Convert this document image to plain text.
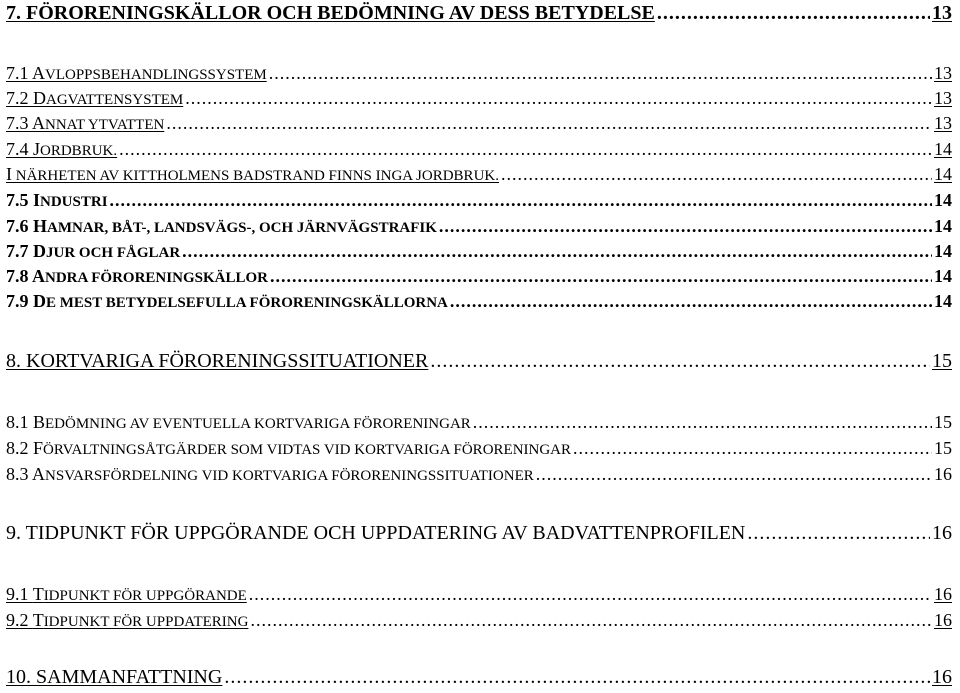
7. FÖRORENINGSKÄLLOR OCH BEDÖMNING AV DESS BETYDELSE .....	13
7.1 AVLOPPSBEHANDLINGSSYSTEM .....	13
7.2 DAGVATTENSYSTEM .....	13
7.3 ANNAT YTVATTEN .....	13
7.4 JORDBRUK. .....	14
I NÄRHETEN AV KITTHOLMENS BADSTRAND FINNS INGA JORDBRUK. .....	14
7.5 INDUSTRI .....	14
7.6 HAMNAR, BÅT-, LANDSVÄGS-, OCH JÄRNVÄGSTRAFIK .....	14
7.7 DJUR OCH FÅGLAR .....	14
7.8 ANDRA FÖRORENINGSKÄLLOR .....	14
7.9 DE MEST BETYDELSEFULLA FÖRORENINGSKÄLLORNA .....	14
8. KORTVARIGA FÖRORENINGSSITUATIONER .....	15
8.1 BEDÖMNING AV EVENTUELLA KORTVARIGA FÖRORENINGAR .....	15
8.2 FÖRVALTNINGSÅTGÄRDER SOM VIDTAS VID KORTVARIGA FÖRORENINGAR .....	15
8.3 ANSVARSFÖRDELNING VID KORTVARIGA FÖRORENINGSSITUATIONER .....	16
9. TIDPUNKT FÖR UPPGÖRANDE OCH UPPDATERING AV BADVATTENPROFILEN .....	16
9.1 TIDPUNKT FÖR UPPGÖRANDE .....	16
9.2 TIDPUNKT FÖR UPPDATERING .....	16
10. SAMMANFATTNING .....	16
